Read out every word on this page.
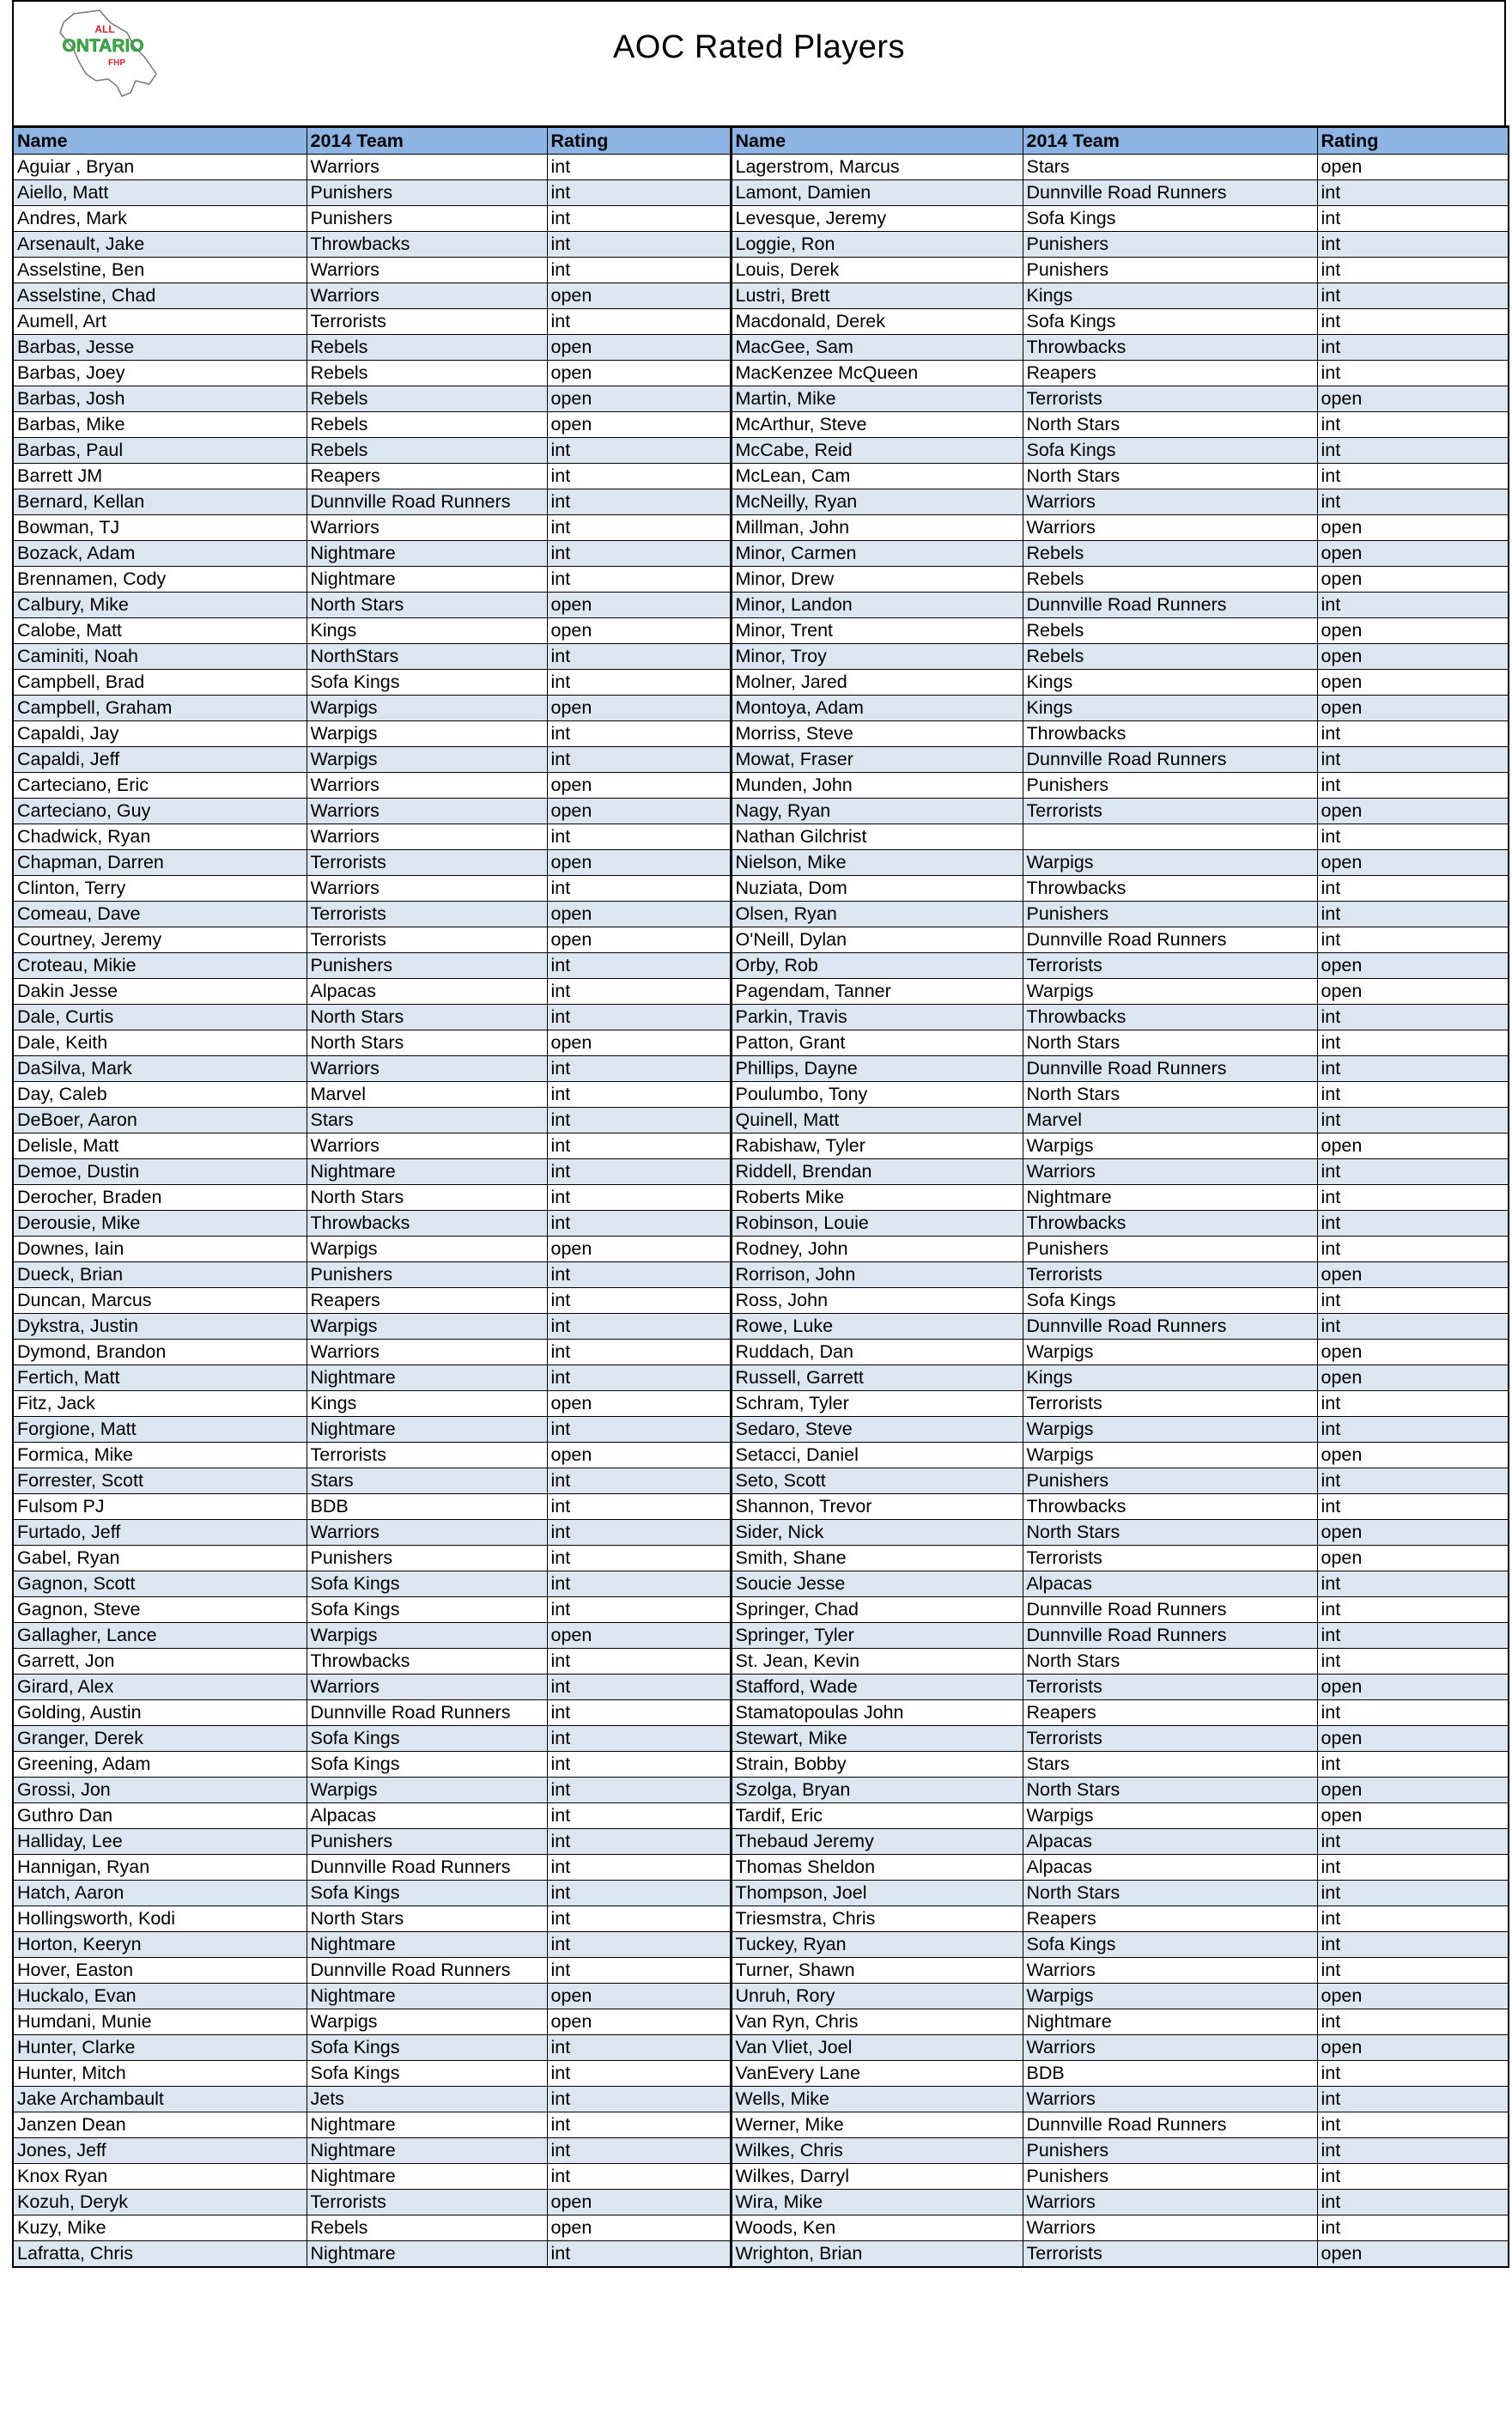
ALL
ONTARIO
FHP	AOC Rated Players
Name	2014 Team	Rating	Name	2014 Team	Rating
Aguiar , Bryan	Warriors	int	Lagerstrom, Marcus	Stars	open
Aiello, Matt	Punishers	int	Lamont, Damien	Dunnville Road Runners	int
Andres, Mark	Punishers	int	Levesque, Jeremy	Sofa Kings	int
Arsenault, Jake	Throwbacks	int	Loggie, Ron	Punishers	int
Asselstine, Ben	Warriors	int	Louis, Derek	Punishers	int
Asselstine, Chad	Warriors	open	Lustri, Brett	Kings	int
Aumell, Art	Terrorists	int	Macdonald, Derek	Sofa Kings	int
Barbas, Jesse	Rebels	open	MacGee, Sam	Throwbacks	int
Barbas, Joey	Rebels	open	MacKenzee McQueen	Reapers	int
Barbas, Josh	Rebels	open	Martin, Mike	Terrorists	open
Barbas, Mike	Rebels	open	McArthur, Steve	North Stars	int
Barbas, Paul	Rebels	int	McCabe, Reid	Sofa Kings	int
Barrett JM	Reapers	int	McLean, Cam	North Stars	int
Bernard, Kellan	Dunnville Road Runners	int	McNeilly, Ryan	Warriors	int
Bowman, TJ	Warriors	int	Millman, John	Warriors	open
Bozack, Adam	Nightmare	int	Minor, Carmen	Rebels	open
Brennamen, Cody	Nightmare	int	Minor, Drew	Rebels	open
Calbury, Mike	North Stars	open	Minor, Landon	Dunnville Road Runners	int
Calobe, Matt	Kings	open	Minor, Trent	Rebels	open
Caminiti, Noah	NorthStars	int	Minor, Troy	Rebels	open
Campbell, Brad	Sofa Kings	int	Molner, Jared	Kings	open
Campbell, Graham	Warpigs	open	Montoya, Adam	Kings	open
Capaldi, Jay	Warpigs	int	Morriss, Steve	Throwbacks	int
Capaldi, Jeff	Warpigs	int	Mowat, Fraser	Dunnville Road Runners	int
Carteciano, Eric	Warriors	open	Munden, John	Punishers	int
Carteciano, Guy	Warriors	open	Nagy, Ryan	Terrorists	open
Chadwick, Ryan	Warriors	int	Nathan Gilchrist		int
Chapman, Darren	Terrorists	open	Nielson, Mike	Warpigs	open
Clinton, Terry	Warriors	int	Nuziata, Dom	Throwbacks	int
Comeau, Dave	Terrorists	open	Olsen, Ryan	Punishers	int
Courtney, Jeremy	Terrorists	open	O'Neill, Dylan	Dunnville Road Runners	int
Croteau, Mikie	Punishers	int	Orby, Rob	Terrorists	open
Dakin Jesse	Alpacas	int	Pagendam, Tanner	Warpigs	open
Dale, Curtis	North Stars	int	Parkin, Travis	Throwbacks	int
Dale, Keith	North Stars	open	Patton, Grant	North Stars	int
DaSilva, Mark	Warriors	int	Phillips, Dayne	Dunnville Road Runners	int
Day, Caleb	Marvel	int	Poulumbo, Tony	North Stars	int
DeBoer, Aaron	Stars	int	Quinell, Matt	Marvel	int
Delisle, Matt	Warriors	int	Rabishaw, Tyler	Warpigs	open
Demoe, Dustin	Nightmare	int	Riddell, Brendan	Warriors	int
Derocher, Braden	North Stars	int	Roberts Mike	Nightmare	int
Derousie, Mike	Throwbacks	int	Robinson, Louie	Throwbacks	int
Downes, Iain	Warpigs	open	Rodney, John	Punishers	int
Dueck, Brian	Punishers	int	Rorrison, John	Terrorists	open
Duncan, Marcus	Reapers	int	Ross, John	Sofa Kings	int
Dykstra, Justin	Warpigs	int	Rowe, Luke	Dunnville Road Runners	int
Dymond, Brandon	Warriors	int	Ruddach, Dan	Warpigs	open
Fertich, Matt	Nightmare	int	Russell, Garrett	Kings	open
Fitz, Jack	Kings	open	Schram, Tyler	Terrorists	int
Forgione, Matt	Nightmare	int	Sedaro, Steve	Warpigs	int
Formica, Mike	Terrorists	open	Setacci, Daniel	Warpigs	open
Forrester, Scott	Stars	int	Seto, Scott	Punishers	int
Fulsom PJ	BDB	int	Shannon, Trevor	Throwbacks	int
Furtado, Jeff	Warriors	int	Sider, Nick	North Stars	open
Gabel, Ryan	Punishers	int	Smith, Shane	Terrorists	open
Gagnon, Scott	Sofa Kings	int	Soucie Jesse	Alpacas	int
Gagnon, Steve	Sofa Kings	int	Springer, Chad	Dunnville Road Runners	int
Gallagher, Lance	Warpigs	open	Springer, Tyler	Dunnville Road Runners	int
Garrett, Jon	Throwbacks	int	St. Jean, Kevin	North Stars	int
Girard, Alex	Warriors	int	Stafford, Wade	Terrorists	open
Golding, Austin	Dunnville Road Runners	int	Stamatopoulas John	Reapers	int
Granger, Derek	Sofa Kings	int	Stewart, Mike	Terrorists	open
Greening, Adam	Sofa Kings	int	Strain, Bobby	Stars	int
Grossi, Jon	Warpigs	int	Szolga, Bryan	North Stars	open
Guthro Dan	Alpacas	int	Tardif, Eric	Warpigs	open
Halliday, Lee	Punishers	int	Thebaud Jeremy	Alpacas	int
Hannigan, Ryan	Dunnville Road Runners	int	Thomas Sheldon	Alpacas	int
Hatch, Aaron	Sofa Kings	int	Thompson, Joel	North Stars	int
Hollingsworth, Kodi	North Stars	int	Triesmstra, Chris	Reapers	int
Horton, Keeryn	Nightmare	int	Tuckey, Ryan	Sofa Kings	int
Hover, Easton	Dunnville Road Runners	int	Turner, Shawn	Warriors	int
Huckalo, Evan	Nightmare	open	Unruh, Rory	Warpigs	open
Humdani, Munie	Warpigs	open	Van Ryn, Chris	Nightmare	int
Hunter, Clarke	Sofa Kings	int	Van Vliet, Joel	Warriors	open
Hunter, Mitch	Sofa Kings	int	VanEvery Lane	BDB	int
Jake Archambault	Jets	int	Wells, Mike	Warriors	int
Janzen Dean	Nightmare	int	Werner, Mike	Dunnville Road Runners	int
Jones, Jeff	Nightmare	int	Wilkes, Chris	Punishers	int
Knox Ryan	Nightmare	int	Wilkes, Darryl	Punishers	int
Kozuh, Deryk	Terrorists	open	Wira, Mike	Warriors	int
Kuzy, Mike	Rebels	open	Woods, Ken	Warriors	int
Lafratta, Chris	Nightmare	int	Wrighton, Brian	Terrorists	open
